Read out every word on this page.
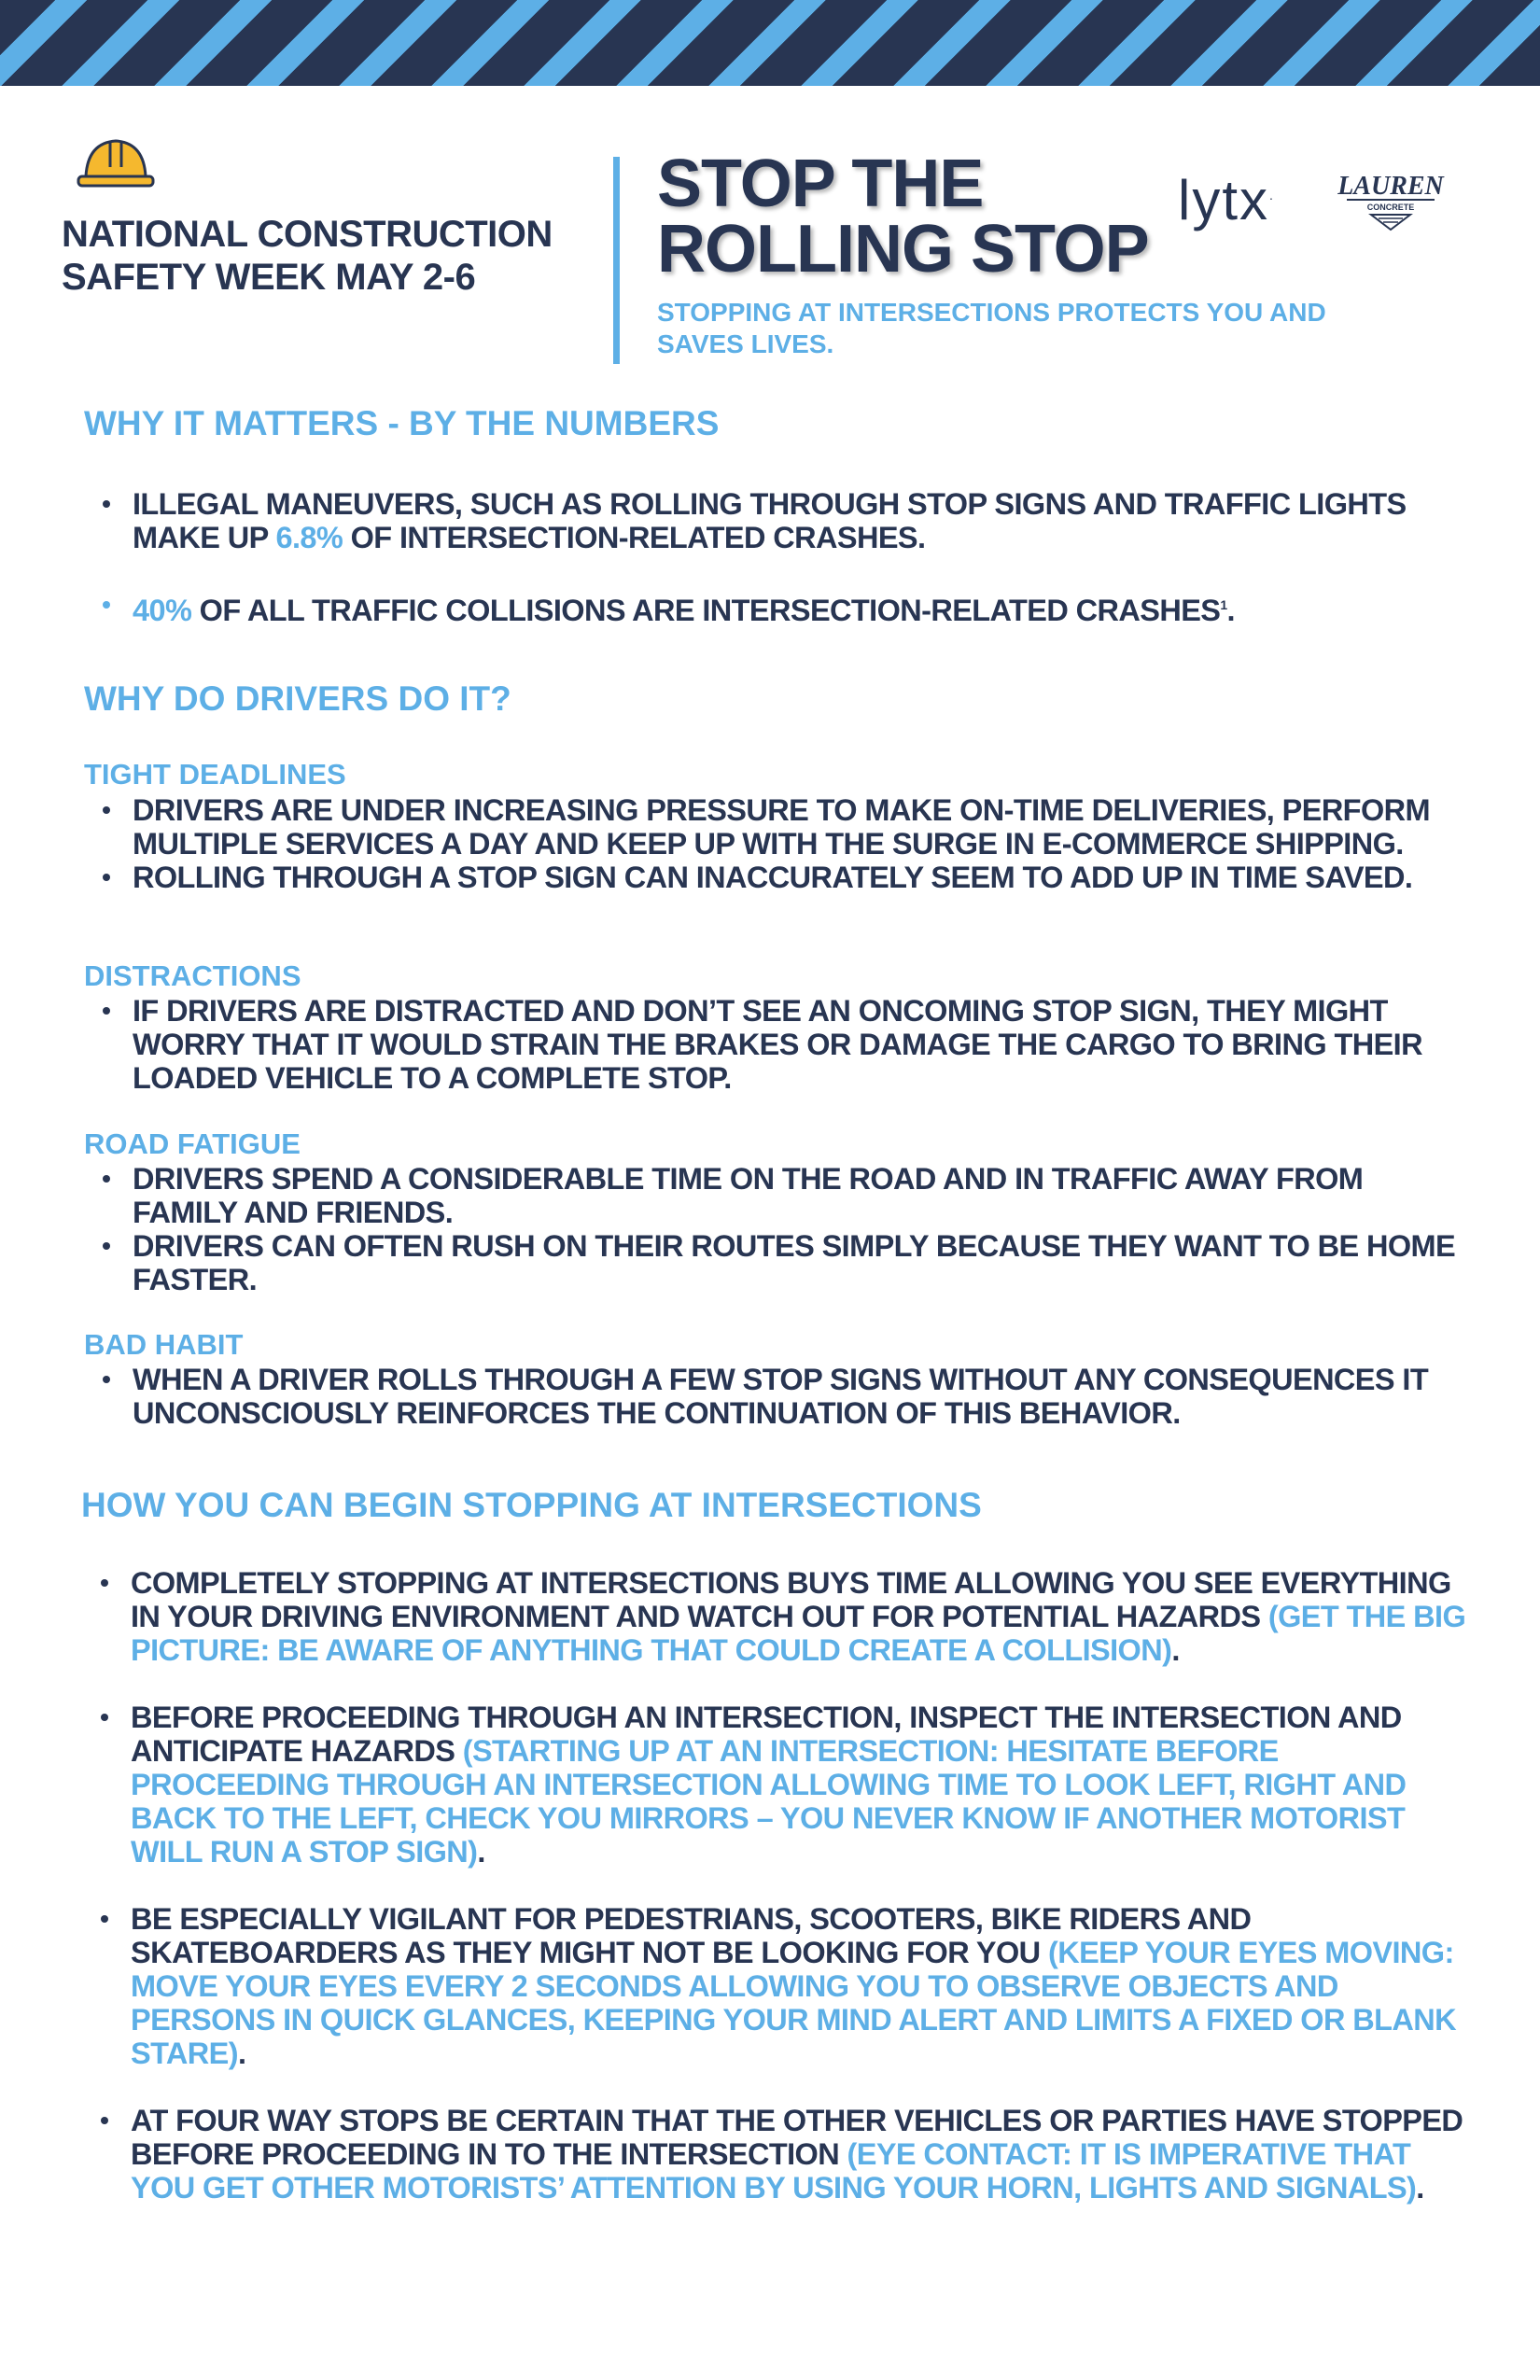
NATIONAL CONSTRUCTION
SAFETY WEEK MAY 2-6
STOP THE
ROLLING STOP
STOPPING AT INTERSECTIONS PROTECTS YOU AND
SAVES LIVES.
lytx. LAUREN
CONCRETE
WHY IT MATTERS - BY THE NUMBERS
ILLEGAL MANEUVERS, SUCH AS ROLLING THROUGH STOP SIGNS AND TRAFFIC LIGHTS MAKE UP 6.8% OF INTERSECTION-RELATED CRASHES.
40% OF ALL TRAFFIC COLLISIONS ARE INTERSECTION-RELATED CRASHES$^1$.
WHY DO DRIVERS DO IT?
TIGHT DEADLINES
DRIVERS ARE UNDER INCREASING PRESSURE TO MAKE ON-TIME DELIVERIES, PERFORM MULTIPLE SERVICES A DAY AND KEEP UP WITH THE SURGE IN E-COMMERCE SHIPPING.
ROLLING THROUGH A STOP SIGN CAN INACCURATELY SEEM TO ADD UP IN TIME SAVED.
DISTRACTIONS
IF DRIVERS ARE DISTRACTED AND DON’T SEE AN ONCOMING STOP SIGN, THEY MIGHT WORRY THAT IT WOULD STRAIN THE BRAKES OR DAMAGE THE CARGO TO BRING THEIR LOADED VEHICLE TO A COMPLETE STOP.
ROAD FATIGUE
DRIVERS SPEND A CONSIDERABLE TIME ON THE ROAD AND IN TRAFFIC AWAY FROM FAMILY AND FRIENDS.
DRIVERS CAN OFTEN RUSH ON THEIR ROUTES SIMPLY BECAUSE THEY WANT TO BE HOME FASTER.
BAD HABIT
WHEN A DRIVER ROLLS THROUGH A FEW STOP SIGNS WITHOUT ANY CONSEQUENCES IT UNCONSCIOUSLY REINFORCES THE CONTINUATION OF THIS BEHAVIOR.
HOW YOU CAN BEGIN STOPPING AT INTERSECTIONS
COMPLETELY STOPPING AT INTERSECTIONS BUYS TIME ALLOWING YOU SEE EVERYTHING IN YOUR DRIVING ENVIRONMENT AND WATCH OUT FOR POTENTIAL HAZARDS (GET THE BIG PICTURE: BE AWARE OF ANYTHING THAT COULD CREATE A COLLISION).
BEFORE PROCEEDING THROUGH AN INTERSECTION, INSPECT THE INTERSECTION AND ANTICIPATE HAZARDS (STARTING UP AT AN INTERSECTION: HESITATE BEFORE PROCEEDING THROUGH AN INTERSECTION ALLOWING TIME TO LOOK LEFT, RIGHT AND BACK TO THE LEFT, CHECK YOU MIRRORS – YOU NEVER KNOW IF ANOTHER MOTORIST WILL RUN A STOP SIGN).
BE ESPECIALLY VIGILANT FOR PEDESTRIANS, SCOOTERS, BIKE RIDERS AND SKATEBOARDERS AS THEY MIGHT NOT BE LOOKING FOR YOU (KEEP YOUR EYES MOVING: MOVE YOUR EYES EVERY 2 SECONDS ALLOWING YOU TO OBSERVE OBJECTS AND PERSONS IN QUICK GLANCES, KEEPING YOUR MIND ALERT AND LIMITS A FIXED OR BLANK STARE).
AT FOUR WAY STOPS BE CERTAIN THAT THE OTHER VEHICLES OR PARTIES HAVE STOPPED BEFORE PROCEEDING IN TO THE INTERSECTION (EYE CONTACT: IT IS IMPERATIVE THAT YOU GET OTHER MOTORISTS’ ATTENTION BY USING YOUR HORN, LIGHTS AND SIGNALS).
